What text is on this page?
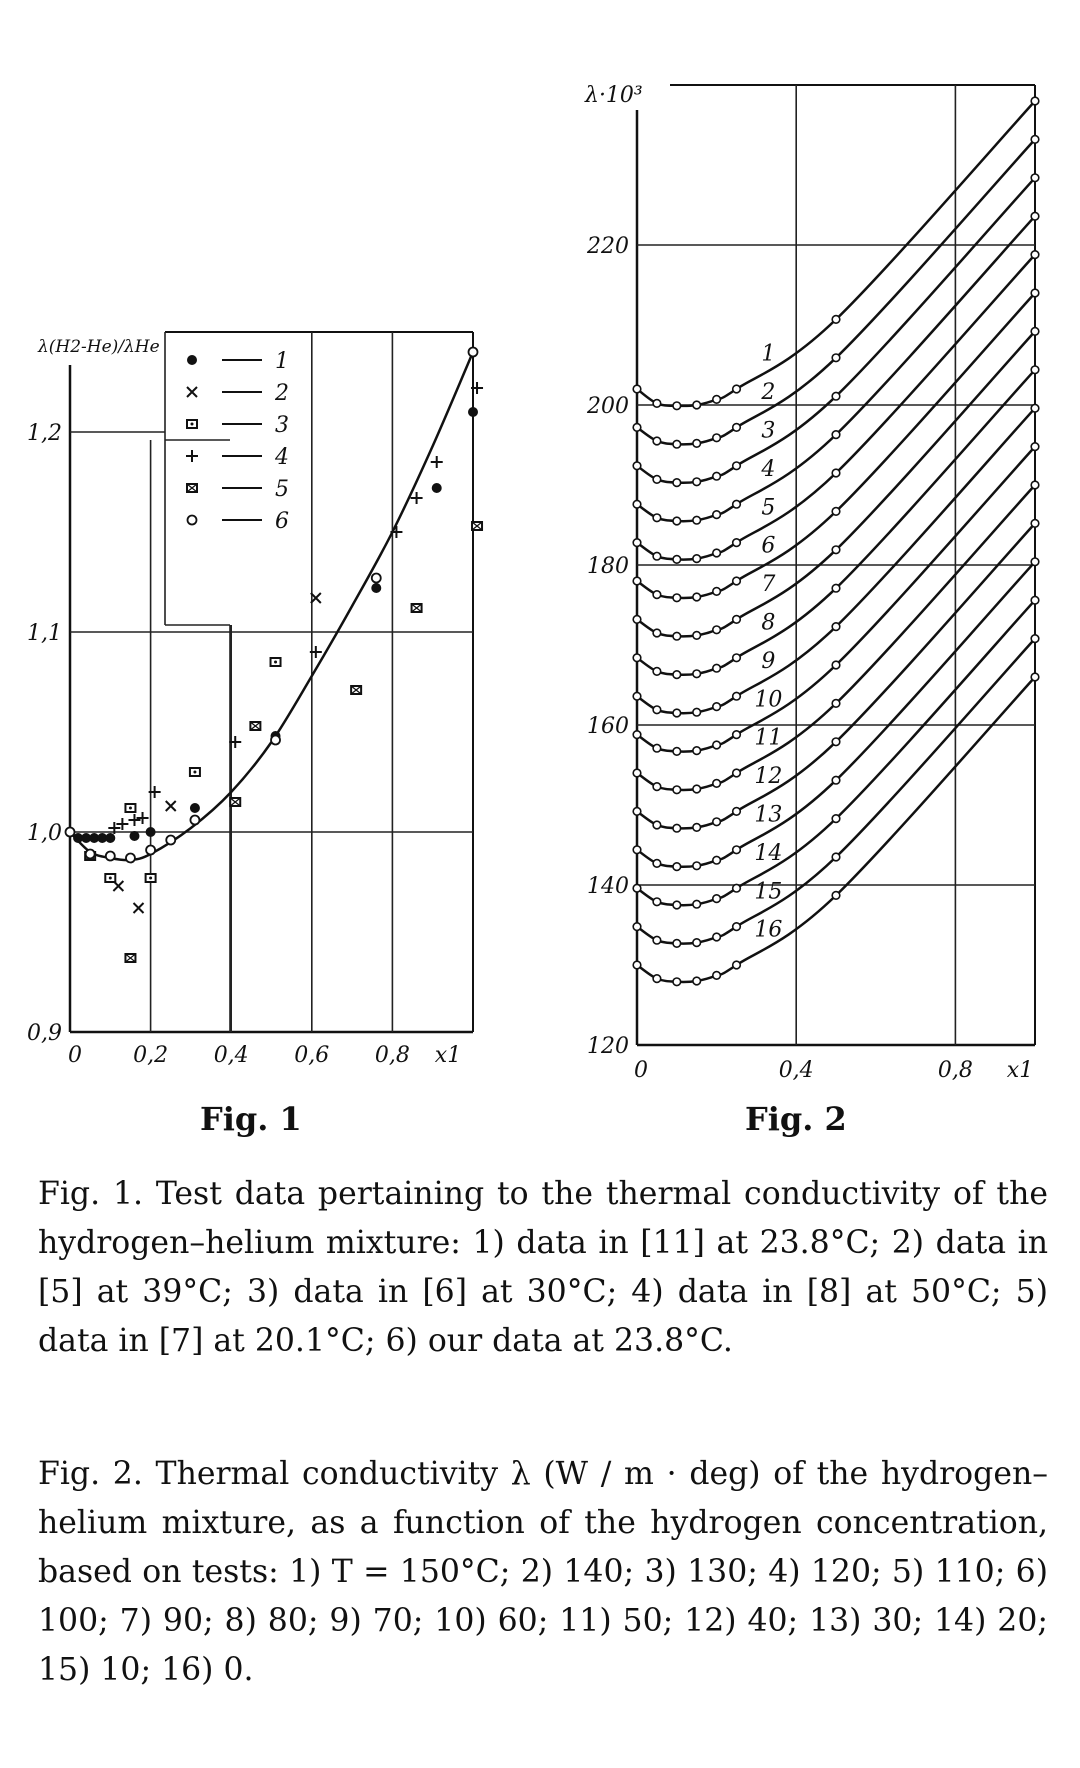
0 0,2 0,4 0,6 0,8
0,9
1,0
1,1
1,2
λ(H2-He)/λHe
x1
1
2
3
4
5
6
0	0,4	0,8
120
140
160
180
200
220
λ·10³
x1
1
2
3
4
5
6
7
8
9
10
11
12
13
14
15
16
Fig. 1	Fig. 2

Fig. 1. Test data pertaining to the thermal conductivity of the hydrogen–helium mixture: 1) data in [11] at 23.8°C; 2) data in [5] at 39°C; 3) data in [6] at 30°C; 4) data in [8] at 50°C; 5) data in [7] at 20.1°C; 6) our data at 23.8°C.

Fig. 2. Thermal conductivity λ (W / m · deg) of the hydrogen–helium mixture, as a function of the hydrogen concentration, based on tests: 1) T = 150°C; 2) 140; 3) 130; 4) 120; 5) 110; 6) 100; 7) 90; 8) 80; 9) 70; 10) 60; 11) 50; 12) 40; 13) 30; 14) 20; 15) 10; 16) 0.
